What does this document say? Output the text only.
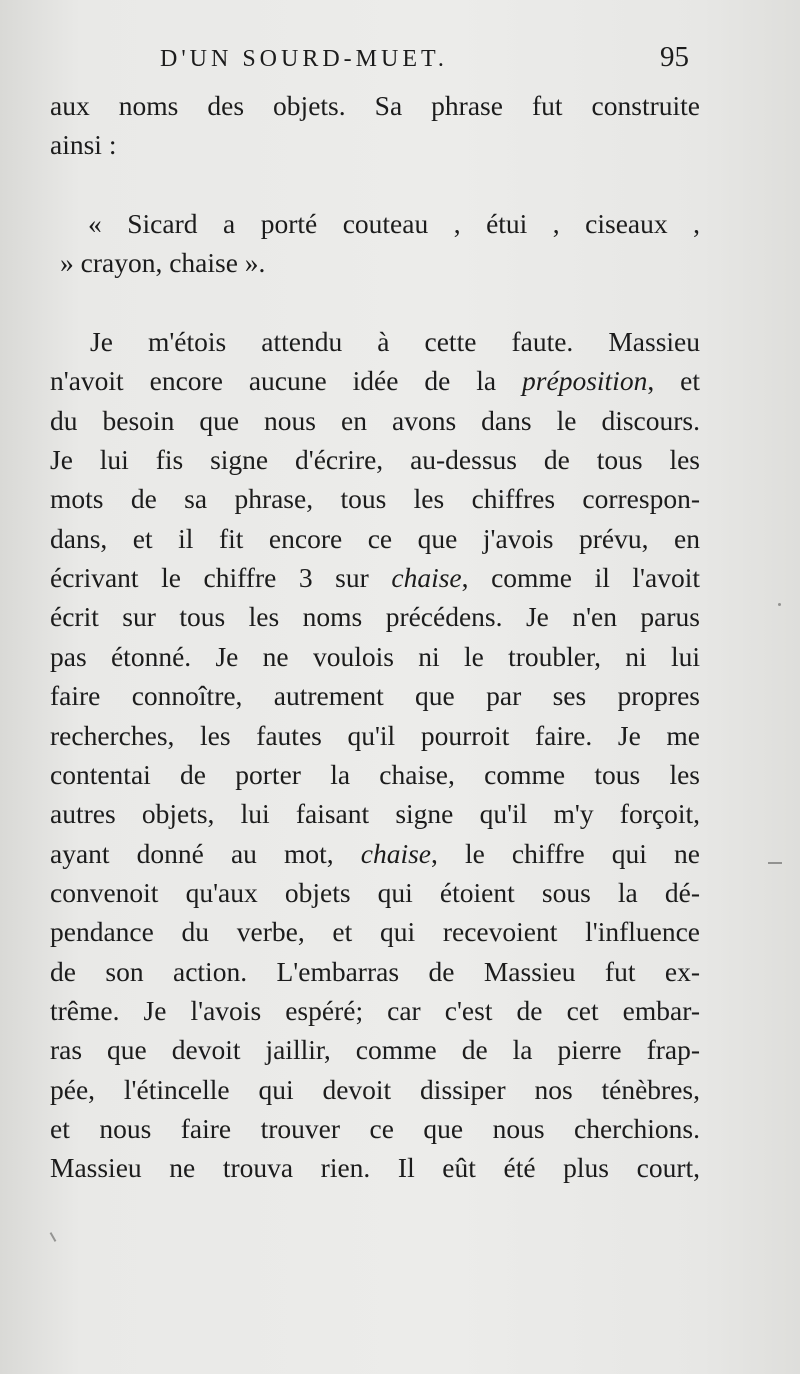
D'UN SOURD-MUET.	95
aux noms des objets. Sa phrase fut construite
ainsi :
« Sicard a porté couteau , étui , ciseaux ,
» crayon, chaise ».
Je m'étois attendu à cette faute. Massieu
n'avoit encore aucune idée de la préposition, et
du besoin que nous en avons dans le discours.
Je lui fis signe d'écrire, au-dessus de tous les
mots de sa phrase, tous les chiffres correspon-
dans, et il fit encore ce que j'avois prévu, en
écrivant le chiffre 3 sur chaise, comme il l'avoit
écrit sur tous les noms précédens. Je n'en parus
pas étonné. Je ne voulois ni le troubler, ni lui
faire connoître, autrement que par ses propres
recherches, les fautes qu'il pourroit faire. Je me
contentai de porter la chaise, comme tous les
autres objets, lui faisant signe qu'il m'y forçoit,
ayant donné au mot, chaise, le chiffre qui ne
convenoit qu'aux objets qui étoient sous la dé-
pendance du verbe, et qui recevoient l'influence
de son action. L'embarras de Massieu fut ex-
trême. Je l'avois espéré; car c'est de cet embar-
ras que devoit jaillir, comme de la pierre frap-
pée, l'étincelle qui devoit dissiper nos ténèbres,
et nous faire trouver ce que nous cherchions.
Massieu ne trouva rien. Il eût été plus court,
